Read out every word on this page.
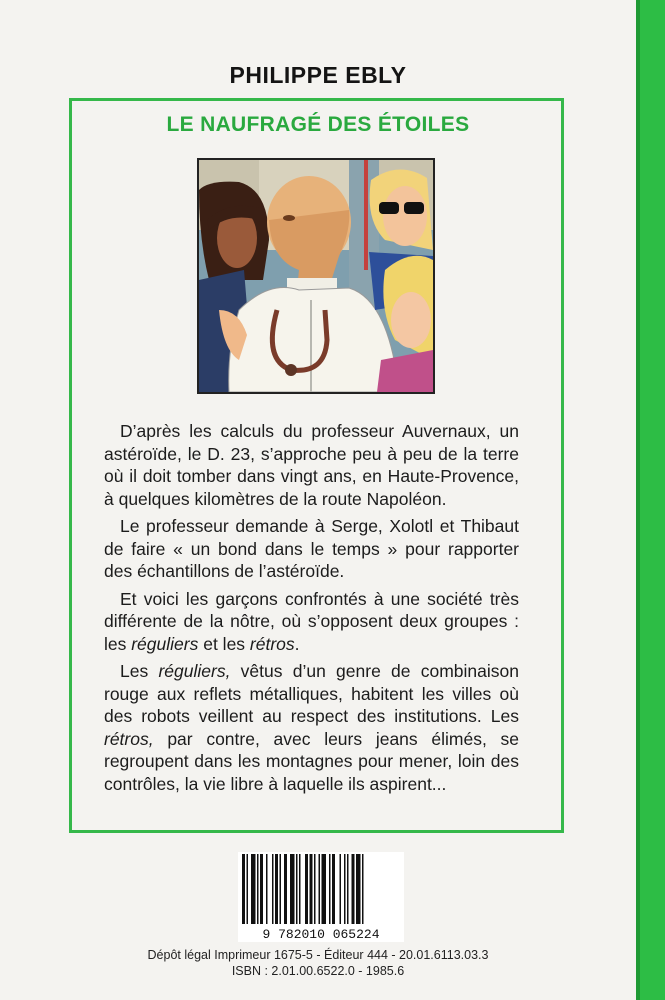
PHILIPPE EBLY
LE NAUFRAGÉ DES ÉTOILES

D’après les calculs du professeur Auvernaux, un astéroïde, le D. 23, s’approche peu à peu de la terre où il doit tomber dans vingt ans, en Haute-Provence, à quelques kilomètres de la route Napoléon.

Le professeur demande à Serge, Xolotl et Thibaut de faire « un bond dans le temps » pour rapporter des échantillons de l’astéroïde.

Et voici les garçons confrontés à une société très différente de la nôtre, où s’opposent deux groupes : les réguliers et les rétros.

Les réguliers, vêtus d’un genre de combinaison rouge aux reflets métalliques, habitent les villes où des robots veillent au respect des institutions. Les rétros, par contre, avec leurs jeans élimés, se regroupent dans les montagnes pour mener, loin des contrôles, la vie libre à laquelle ils aspirent...

9 782010 065224
Dépôt légal Imprimeur 1675-5 - Éditeur 444 - 20.01.6113.03.3
ISBN : 2.01.00.6522.0 - 1985.6
